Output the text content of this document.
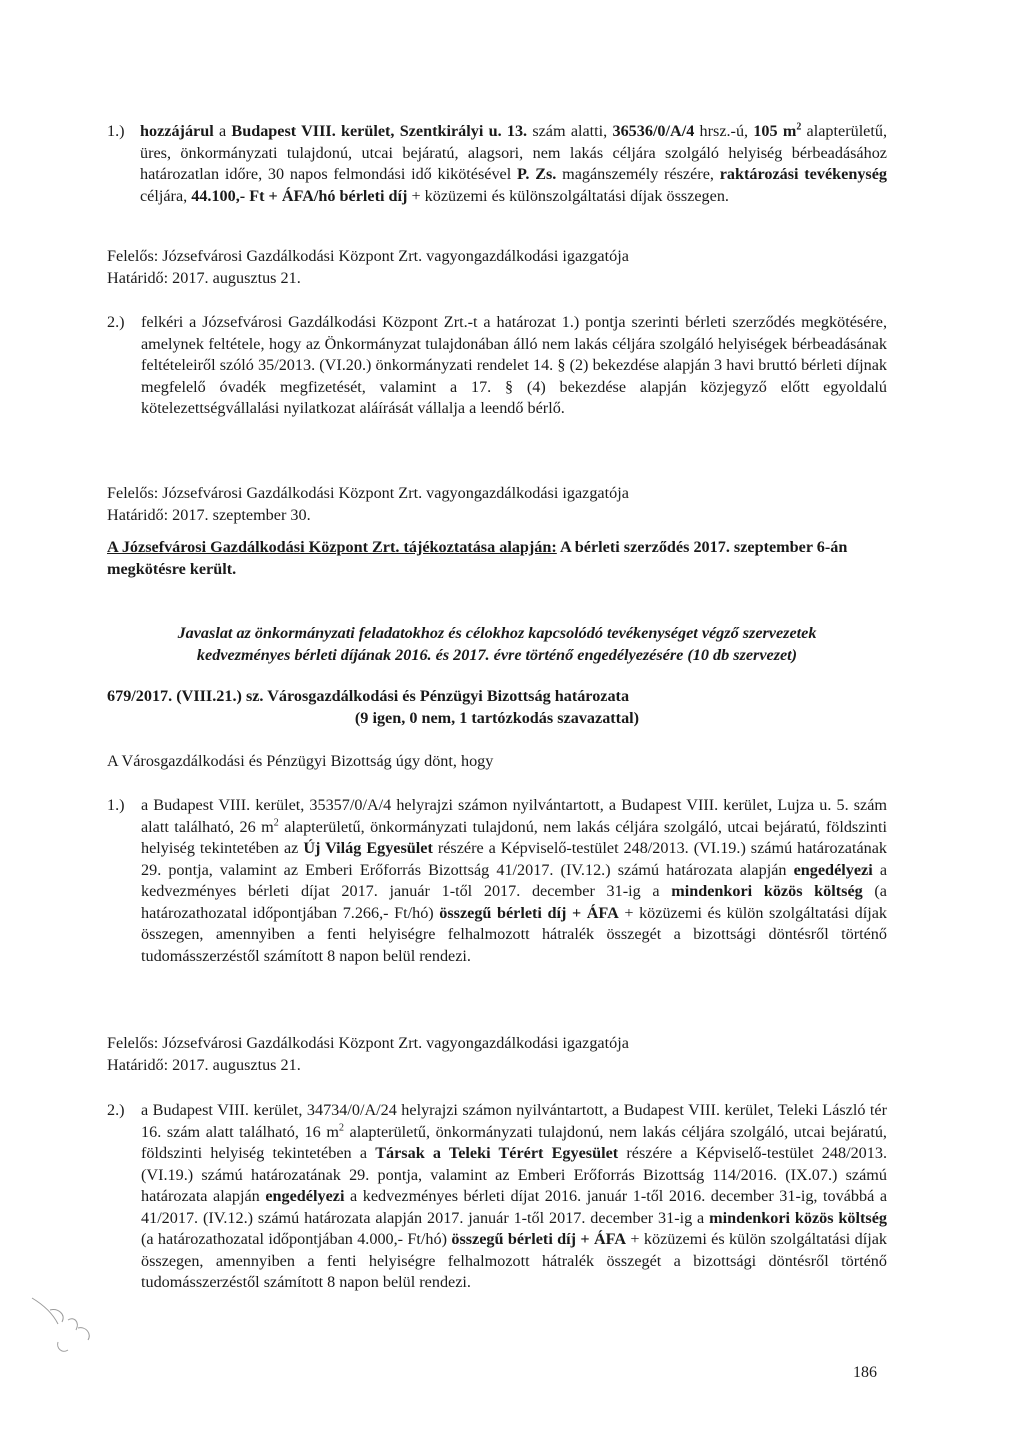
1.) hozzájárul a Budapest VIII. kerület, Szentkirályi u. 13. szám alatti, 36536/0/A/4 hrsz.-ú, 105 $m^2$ alapterületű, üres, önkormányzati tulajdonú, utcai bejáratú, alagsori, nem lakás céljára szolgáló helyiség bérbeadásához határozatlan időre, 30 napos felmondási idő kikötésével P. Zs. magánszemély részére, raktározási tevékenység céljára, 44.100,- Ft + ÁFA/hó bérleti díj + közüzemi és különszolgáltatási díjak összegen.

Felelős: Józsefvárosi Gazdálkodási Központ Zrt. vagyongazdálkodási igazgatója
Határidő: 2017. augusztus 21.
2.) felkéri a Józsefvárosi Gazdálkodási Központ Zrt.-t a határozat 1.) pontja szerinti bérleti szerződés megkötésére, amelynek feltétele, hogy az Önkormányzat tulajdonában álló nem lakás céljára szolgáló helyiségek bérbeadásának feltételeiről szóló 35/2013. (VI.20.) önkormányzati rendelet 14. § (2) bekezdése alapján 3 havi bruttó bérleti díjnak megfelelő óvadék megfizetését, valamint a 17. § (4) bekezdése alapján közjegyző előtt egyoldalú kötelezettségvállalási nyilatkozat aláírását vállalja a leendő bérlő.

Felelős: Józsefvárosi Gazdálkodási Központ Zrt. vagyongazdálkodási igazgatója
Határidő: 2017. szeptember 30.

A Józsefvárosi Gazdálkodási Központ Zrt. tájékoztatása alapján: A bérleti szerződés 2017. szeptember 6-án megkötésre került.

Javaslat az önkormányzati feladatokhoz és célokhoz kapcsolódó tevékenységet végző szervezetek
kedvezményes bérleti díjának 2016. és 2017. évre történő engedélyezésére (10 db szervezet)
679/2017. (VIII.21.) sz. Városgazdálkodási és Pénzügyi Bizottság határozata
(9 igen, 0 nem, 1 tartózkodás szavazattal)
A Városgazdálkodási és Pénzügyi Bizottság úgy dönt, hogy
1.) a Budapest VIII. kerület, 35357/0/A/4 helyrajzi számon nyilvántartott, a Budapest VIII. kerület, Lujza u. 5. szám alatt található, 26 $m^2$ alapterületű, önkormányzati tulajdonú, nem lakás céljára szolgáló, utcai bejáratú, földszinti helyiség tekintetében az Új Világ Egyesület részére a Képviselő-testület 248/2013. (VI.19.) számú határozatának 29. pontja, valamint az Emberi Erőforrás Bizottság 41/2017. (IV.12.) számú határozata alapján engedélyezi a kedvezményes bérleti díjat 2017. január 1-től 2017. december 31-ig a mindenkori közös költség (a határozathozatal időpontjában 7.266,- Ft/hó) összegű bérleti díj + ÁFA + közüzemi és külön szolgáltatási díjak összegen, amennyiben a fenti helyiségre felhalmozott hátralék összegét a bizottsági döntésről történő tudomásszerzéstől számított 8 napon belül rendezi.

Felelős: Józsefvárosi Gazdálkodási Központ Zrt. vagyongazdálkodási igazgatója
Határidő: 2017. augusztus 21.
2.) a Budapest VIII. kerület, 34734/0/A/24 helyrajzi számon nyilvántartott, a Budapest VIII. kerület, Teleki László tér 16. szám alatt található, 16 $m^2$ alapterületű, önkormányzati tulajdonú, nem lakás céljára szolgáló, utcai bejáratú, földszinti helyiség tekintetében a Társak a Teleki Térért Egyesület részére a Képviselő-testület 248/2013. (VI.19.) számú határozatának 29. pontja, valamint az Emberi Erőforrás Bizottság 114/2016. (IX.07.) számú határozata alapján engedélyezi a kedvezményes bérleti díjat 2016. január 1-től 2016. december 31-ig, továbbá a 41/2017. (IV.12.) számú határozata alapján 2017. január 1-től 2017. december 31-ig a mindenkori közös költség (a határozathozatal időpontjában 4.000,- Ft/hó) összegű bérleti díj + ÁFA + közüzemi és külön szolgáltatási díjak összegen, amennyiben a fenti helyiségre felhalmozott hátralék összegét a bizottsági döntésről történő tudomásszerzéstől számított 8 napon belül rendezi.

186
